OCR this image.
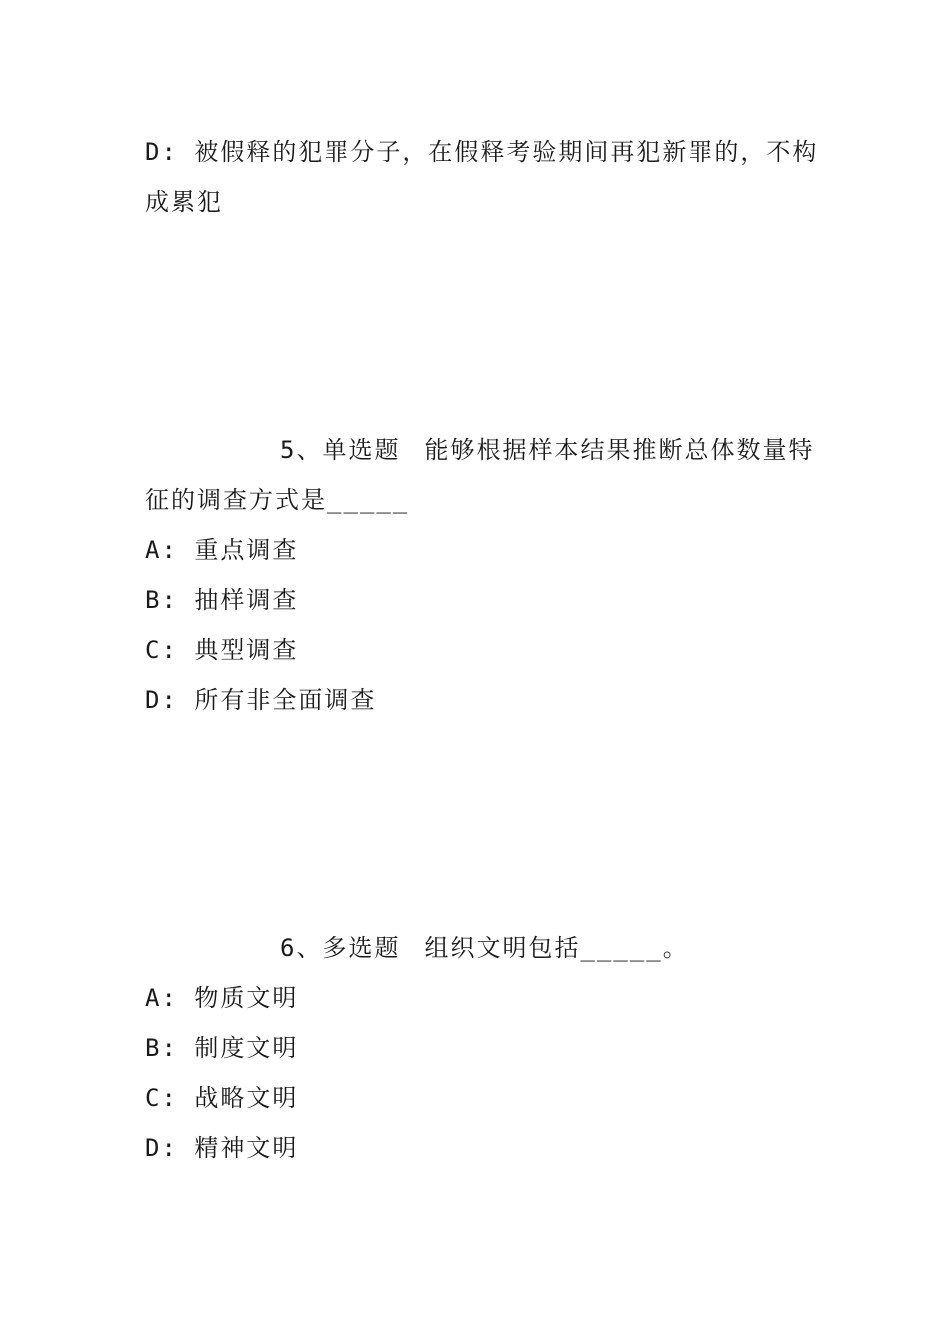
D: 被假释的犯罪分子，在假释考验期间再犯新罪的，不构
成累犯
5、单选题 能够根据样本结果推断总体数量特
征的调查方式是_____
A: 重点调查
B: 抽样调查
C: 典型调查
D: 所有非全面调查
6、多选题 组织文明包括_____。
A: 物质文明
B: 制度文明
C: 战略文明
D: 精神文明
